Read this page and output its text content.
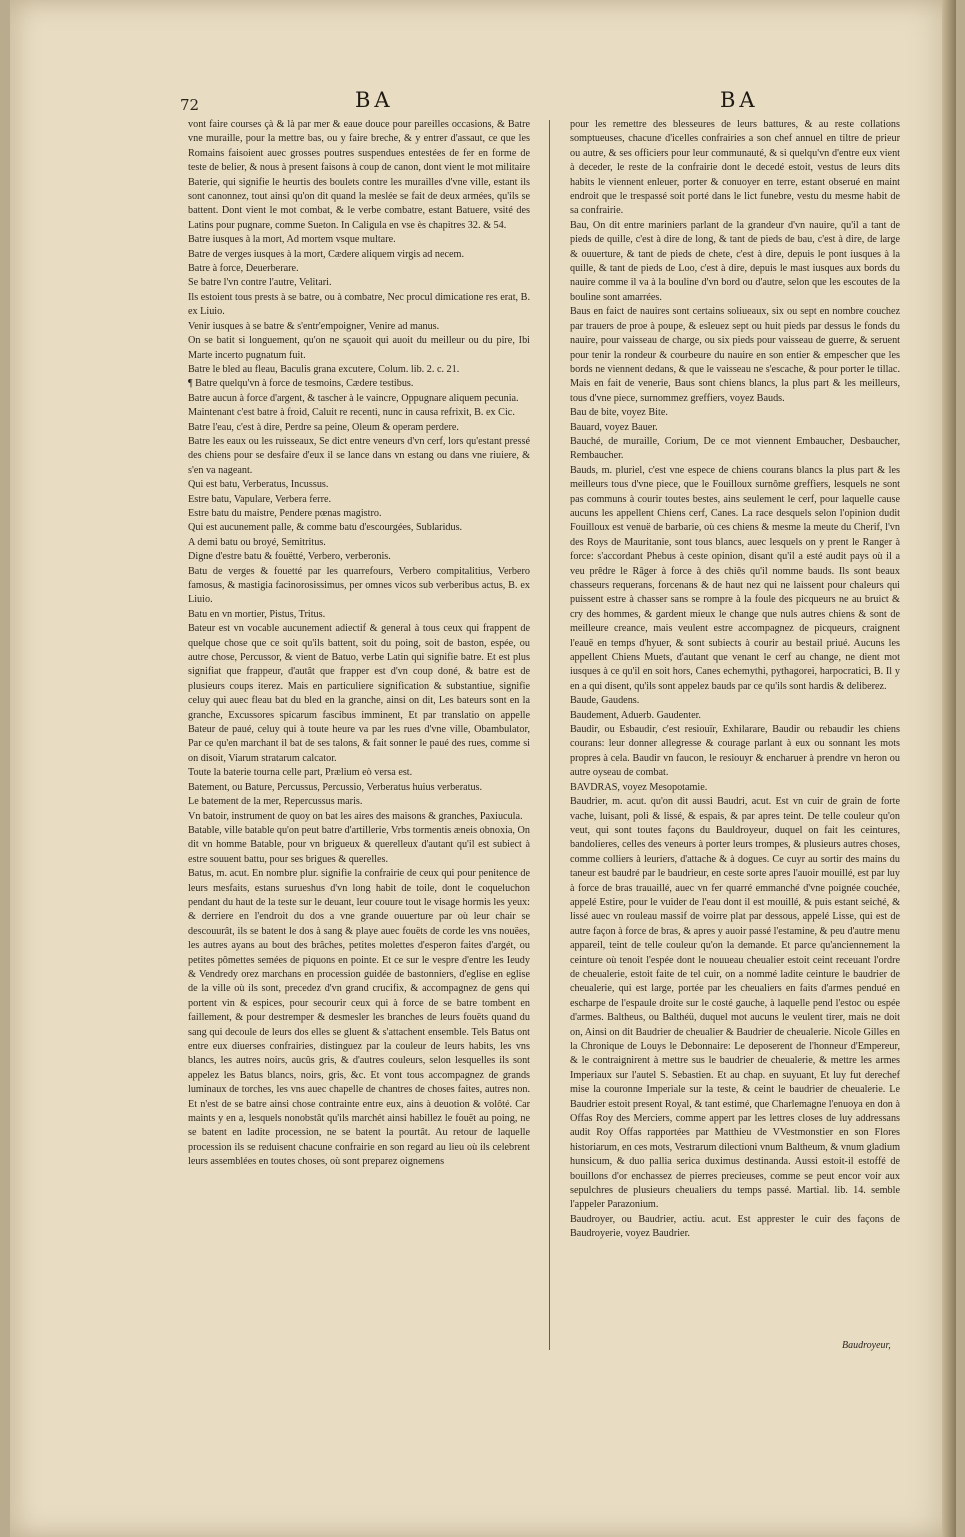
72	BA	BA

vont faire courses çà & là par mer & eaue douce pour pareilles occasions, & Batre vne muraille, pour la mettre bas, ou y faire breche, & y entrer d'assaut, ce que les Romains faisoient auec grosses poutres suspendues entestées de fer en forme de teste de belier, & nous à present faisons à coup de canon, dont vient le mot militaire Baterie, qui signifie le heurtis des boulets contre les murailles d'vne ville, estant ils sont canonnez, tout ainsi qu'on dit quand la meslée se fait de deux armées, qu'ils se battent. Dont vient le mot combat, & le verbe combatre, estant Batuere, vsité des Latins pour pugnare, comme Sueton. In Caligula en vse ès chapitres 32. & 54.

Batre iusques à la mort, Ad mortem vsque multare.

Batre de verges iusques à la mort, Cædere aliquem virgis ad necem.

Batre à force, Deuerberare.

Se batre l'vn contre l'autre, Velitari.

Ils estoient tous prests à se batre, ou à combatre, Nec procul dimicatione res erat, B. ex Liuio.

Venir iusques à se batre & s'entr'empoigner, Venire ad manus.

On se batit si longuement, qu'on ne sçauoit qui auoit du meilleur ou du pire, Ibi Marte incerto pugnatum fuit.

Batre le bled au fleau, Baculis grana excutere, Colum. lib. 2. c. 21.

¶ Batre quelqu'vn à force de tesmoins, Cædere testibus.

Batre aucun à force d'argent, & tascher à le vaincre, Oppugnare aliquem pecunia.

Maintenant c'est batre à froid, Caluit re recenti, nunc in causa refrixit, B. ex Cic.

Batre l'eau, c'est à dire, Perdre sa peine, Oleum & operam perdere.

Batre les eaux ou les ruisseaux, Se dict entre veneurs d'vn cerf, lors qu'estant pressé des chiens pour se desfaire d'eux il se lance dans vn estang ou dans vne riuiere, & s'en va nageant.

Qui est batu, Verberatus, Incussus.

Estre batu, Vapulare, Verbera ferre.

Estre batu du maistre, Pendere pœnas magistro.

Qui est aucunement palle, & comme batu d'escourgées, Sublaridus.

A demi batu ou broyé, Semitritus.

Digne d'estre batu & fouëtté, Verbero, verberonis.

Batu de verges & fouetté par les quarrefours, Verbero compitalitius, Verbero famosus, & mastigia facinorosissimus, per omnes vicos sub verberibus actus, B. ex Liuio.

Batu en vn mortier, Pistus, Tritus.

Bateur est vn vocable aucunement adiectif & general à tous ceux qui frappent de quelque chose que ce soit qu'ils battent, soit du poing, soit de baston, espée, ou autre chose, Percussor, & vient de Batuo, verbe Latin qui signifie batre. Et est plus signifiat que frappeur, d'autât que frapper est d'vn coup doné, & batre est de plusieurs coups iterez. Mais en particuliere signification & substantiue, signifie celuy qui auec fleau bat du bled en la granche, ainsi on dit, Les bateurs sont en la granche, Excussores spicarum fascibus imminent, Et par translatio on appelle Bateur de paué, celuy qui à toute heure va par les rues d'vne ville, Obambulator, Par ce qu'en marchant il bat de ses talons, & fait sonner le paué des rues, comme si on disoit, Viarum stratarum calcator.

Toute la baterie tourna celle part, Prælium eò versa est.

Batement, ou Bature, Percussus, Percussio, Verberatus huius verberatus.

Le batement de la mer, Repercussus maris.

Vn batoir, instrument de quoy on bat les aires des maisons & granches, Paxiucula.

Batable, ville batable qu'on peut batre d'artillerie, Vrbs tormentis æneis obnoxia, On dit vn homme Batable, pour vn brigueux & querelleux d'autant qu'il est subiect à estre souuent battu, pour ses brigues & querelles.

Batus, m. acut. En nombre plur. signifie la confrairie de ceux qui pour penitence de leurs mesfaits, estans surueshus d'vn long habit de toile, dont le coqueluchon pendant du haut de la teste sur le deuant, leur couure tout le visage hormis les yeux: & derriere en l'endroit du dos a vne grande ouuerture par où leur chair se descouurât, ils se batent le dos à sang & playe auec fouëts de corde les vns nouëes, les autres ayans au bout des brâches, petites molettes d'esperon faites d'argét, ou petites pômettes semées de piquons en pointe. Et ce sur le vespre d'entre les Ieudy & Vendredy orez marchans en procession guidée de bastonniers, d'eglise en eglise de la ville où ils sont, precedez d'vn grand crucifix, & accompagnez de gens qui portent vin & espices, pour secourir ceux qui à force de se batre tombent en faillement, & pour destremper & desmesler les branches de leurs fouëts quand du sang qui decoule de leurs dos elles se gluent & s'attachent ensemble. Tels Batus ont entre eux diuerses confrairies, distinguez par la couleur de leurs habits, les vns blancs, les autres noirs, aucûs gris, & d'autres couleurs, selon lesquelles ils sont appelez les Batus blancs, noirs, gris, &c. Et vont tous accompagnez de grands luminaux de torches, les vns auec chapelle de chantres de choses faites, autres non. Et n'est de se batre ainsi chose contrainte entre eux, ains à deuotion & volôté. Car maints y en a, lesquels nonobstât qu'ils marchét ainsi habillez le fouët au poing, ne se batent en ladite procession, ne se batent la pourtât. Au retour de laquelle procession ils se reduisent chacune confrairie en son regard au lieu où ils celebrent leurs assemblées en toutes choses, où sont preparez oignemens

pour les remettre des blesseures de leurs battures, & au reste collations somptueuses, chacune d'icelles confrairies a son chef annuel en tiltre de prieur ou autre, & ses officiers pour leur communauté, & si quelqu'vn d'entre eux vient à deceder, le reste de la confrairie dont le decedé estoit, vestus de leurs dits habits le viennent enleuer, porter & conuoyer en terre, estant obserué en maint endroit que le trespassé soit porté dans le lict funebre, vestu du mesme habit de sa confrairie.

Bau, On dit entre mariniers parlant de la grandeur d'vn nauire, qu'il a tant de pieds de quille, c'est à dire de long, & tant de pieds de bau, c'est à dire, de large & ouuerture, & tant de pieds de chete, c'est à dire, depuis le pont iusques à la quille, & tant de pieds de Loo, c'est à dire, depuis le mast iusques aux bords du nauire comme il va à la bouline d'vn bord ou d'autre, selon que les escoutes de la bouline sont amarrées.

Baus en faict de nauires sont certains soliueaux, six ou sept en nombre couchez par trauers de proe à poupe, & esleuez sept ou huit pieds par dessus le fonds du nauire, pour vaisseau de charge, ou six pieds pour vaisseau de guerre, & seruent pour tenir la rondeur & courbeure du nauire en son entier & empescher que les bords ne viennent dedans, & que le vaisseau ne s'escache, & pour porter le tillac. Mais en fait de venerie, Baus sont chiens blancs, la plus part & les meilleurs, tous d'vne piece, surnommez greffiers, voyez Bauds.

Bau de bite, voyez Bite.

Bauard, voyez Bauer.

Bauché, de muraille, Corium, De ce mot viennent Embaucher, Desbaucher, Rembaucher.

Bauds, m. pluriel, c'est vne espece de chiens courans blancs la plus part & les meilleurs tous d'vne piece, que le Fouilloux surnôme greffiers, lesquels ne sont pas communs à courir toutes bestes, ains seulement le cerf, pour laquelle cause aucuns les appellent Chiens cerf, Canes. La race desquels selon l'opinion dudit Fouilloux est venuë de barbarie, où ces chiens & mesme la meute du Cherif, l'vn des Roys de Mauritanie, sont tous blancs, auec lesquels on y prent le Ranger à force: s'accordant Phebus à ceste opinion, disant qu'il a esté audit pays où il a veu prêdre le Râger à force à des chiês qu'il nomme bauds. Ils sont beaux chasseurs requerans, forcenans & de haut nez qui ne laissent pour chaleurs qui puissent estre à chasser sans se rompre à la foule des picqueurs ne au bruict & cry des hommes, & gardent mieux le change que nuls autres chiens & sont de meilleure creance, mais veulent estre accompagnez de picqueurs, craignent l'eauë en temps d'hyuer, & sont subiects à courir au bestail priué. Aucuns les appellent Chiens Muets, d'autant que venant le cerf au change, ne dient mot iusques à ce qu'il en soit hors, Canes echemythi, pythagorei, harpocratici, B. Il y en a qui disent, qu'ils sont appelez bauds par ce qu'ils sont hardis & deliberez.

Baude, Gaudens.

Baudement, Aduerb. Gaudenter.

Baudir, ou Esbaudir, c'est resiouïr, Exhilarare, Baudir ou rebaudir les chiens courans: leur donner allegresse & courage parlant à eux ou sonnant les mots propres à cela. Baudir vn faucon, le resiouyr & encharuer à prendre vn heron ou autre oyseau de combat.

BAVDRAS, voyez Mesopotamie.

Baudrier, m. acut. qu'on dit aussi Baudri, acut. Est vn cuir de grain de forte vache, luisant, poli & lissé, & espais, & par apres teint. De telle couleur qu'on veut, qui sont toutes façons du Bauldroyeur, duquel on fait les ceintures, bandolieres, celles des veneurs à porter leurs trompes, & plusieurs autres choses, comme colliers à leuriers, d'attache & à dogues. Ce cuyr au sortir des mains du taneur est baudré par le baudrieur, en ceste sorte apres l'auoir mouillé, est par luy à force de bras trauaillé, auec vn fer quarré emmanché d'vne poignée couchée, appelé Estire, pour le vuider de l'eau dont il est mouillé, & puis estant seiché, & lissé auec vn rouleau massif de voirre plat par dessous, appelé Lisse, qui est de autre façon à force de bras, & apres y auoir passé l'estamine, & peu d'autre menu appareil, teint de telle couleur qu'on la demande. Et parce qu'anciennement la ceinture où tenoit l'espée dont le nouueau cheualier estoit ceint receuant l'ordre de cheualerie, estoit faite de tel cuir, on a nommé ladite ceinture le baudrier de cheualerie, qui est large, portée par les cheualiers en faits d'armes pendué en escharpe de l'espaule droite sur le costé gauche, à laquelle pend l'estoc ou espée d'armes. Baltheus, ou Balthéü, duquel mot aucuns le veulent tirer, mais ne doit on, Ainsi on dit Baudrier de cheualier & Baudrier de cheualerie. Nicole Gilles en la Chronique de Louys le Debonnaire: Le deposerent de l'honneur d'Empereur, & le contraignirent à mettre sus le baudrier de cheualerie, & mettre les armes Imperiaux sur l'autel S. Sebastien. Et au chap. en suyuant, Et luy fut derechef mise la couronne Imperiale sur la teste, & ceint le baudrier de cheualerie. Le Baudrier estoit present Royal, & tant estimé, que Charlemagne l'enuoya en don à Offas Roy des Merciers, comme appert par les lettres closes de luy addressans audit Roy Offas rapportées par Matthieu de VVestmonstier en son Flores historiarum, en ces mots, Vestrarum dilectioni vnum Baltheum, & vnum gladium hunsicum, & duo pallia serica duximus destinanda. Aussi estoit-il estoffé de bouillons d'or enchassez de pierres precieuses, comme se peut encor voir aux sepulchres de plusieurs cheualiers du temps passé. Martial. lib. 14. semble l'appeler Parazonium.

Baudroyer, ou Baudrier, actiu. acut. Est apprester le cuir des façons de Baudroyerie, voyez Baudrier.

Baudroyeur,
